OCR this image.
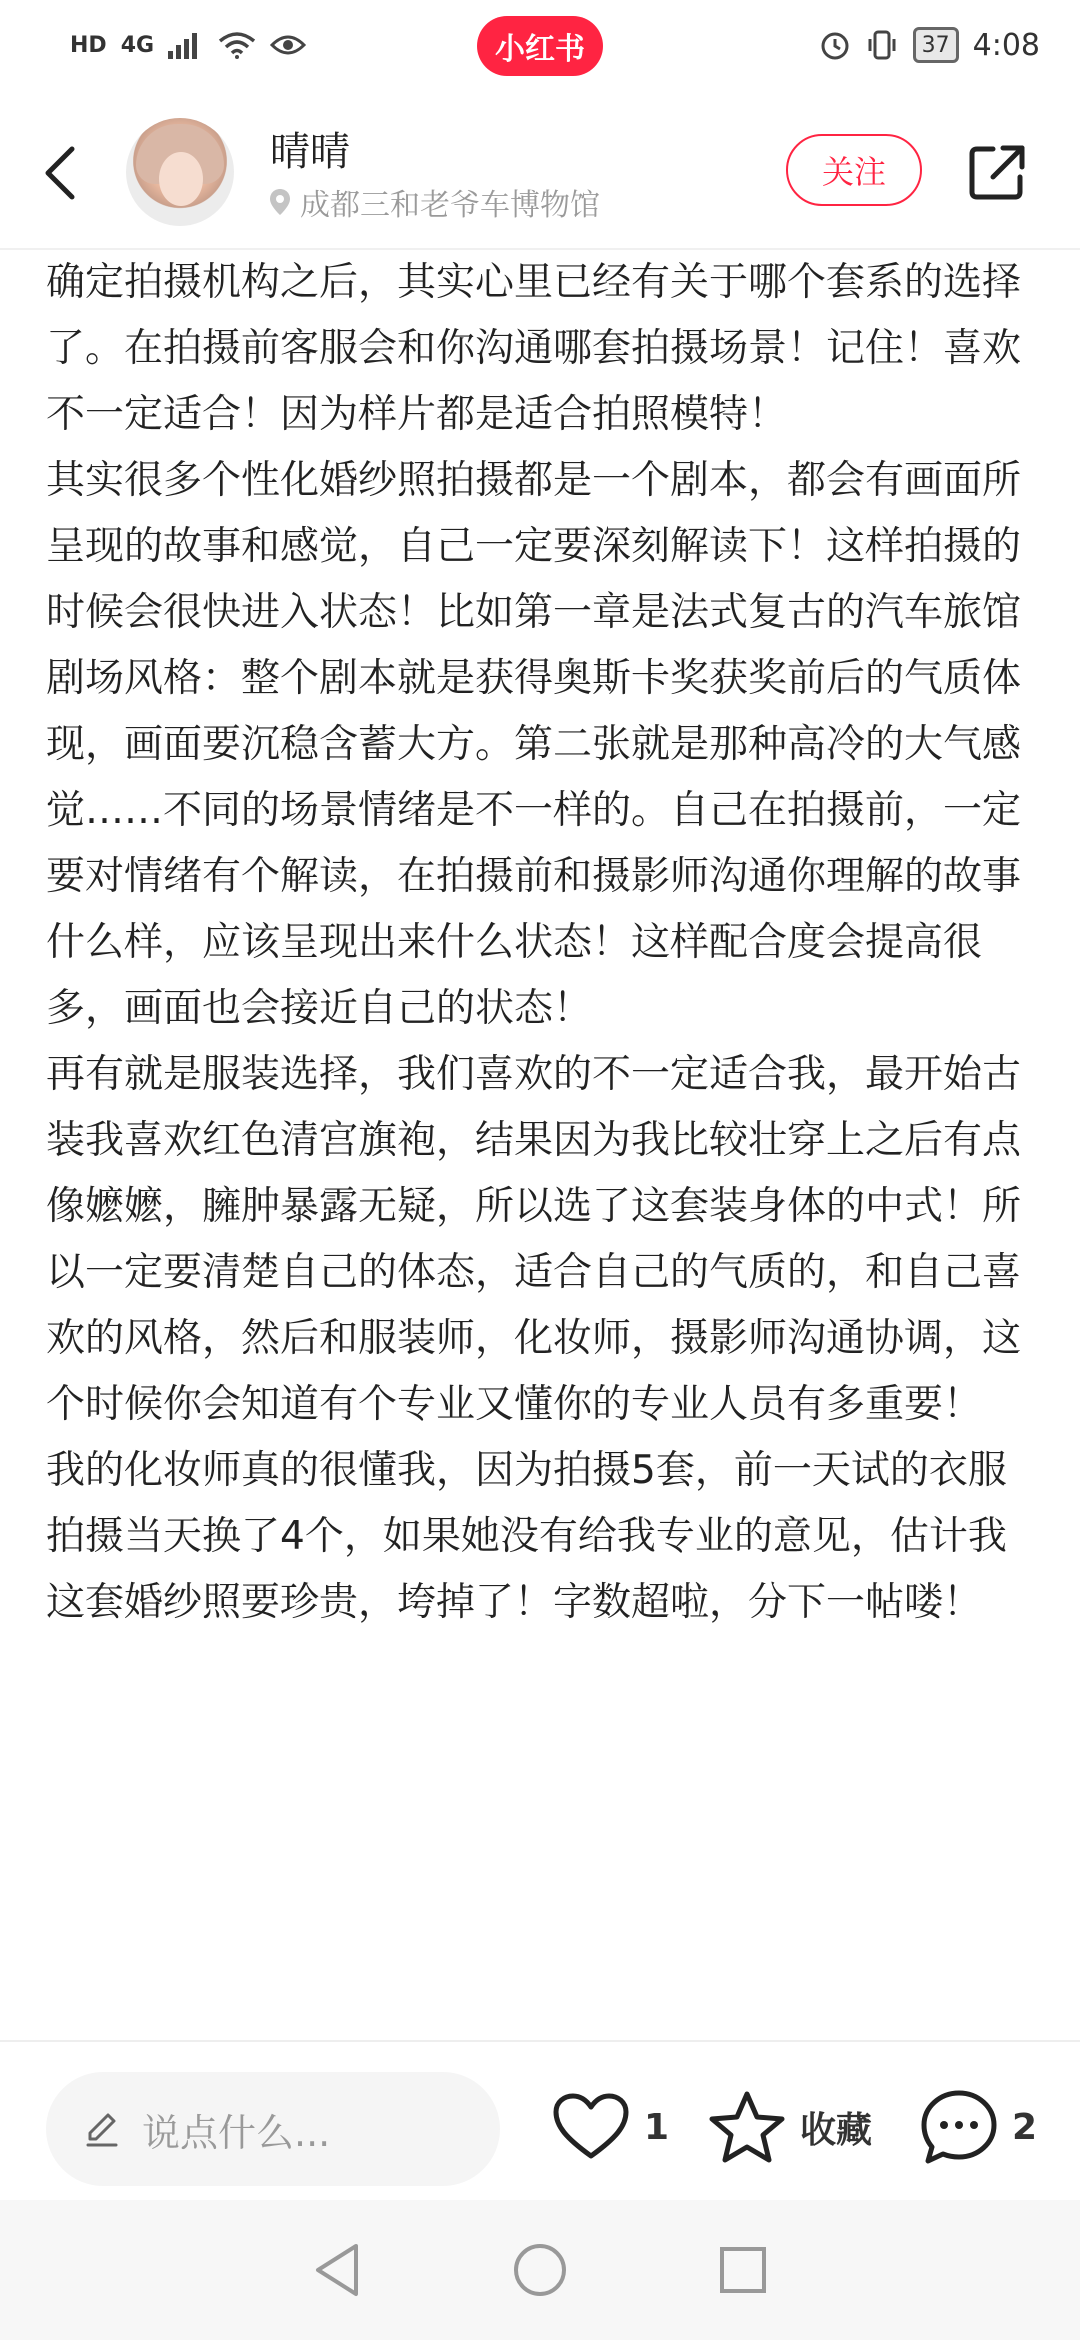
HD 4G	小红书	37 4:08
晴晴
成都三和老爷车博物馆
关注

确定拍摄机构之后，其实心里已经有关于哪个套系的选择了。在拍摄前客服会和你沟通哪套拍摄场景！记住！喜欢不一定适合！因为样片都是适合拍照模特！

其实很多个性化婚纱照拍摄都是一个剧本，都会有画面所呈现的故事和感觉，自己一定要深刻解读下！这样拍摄的时候会很快进入状态！比如第一章是法式复古的汽车旅馆剧场风格：整个剧本就是获得奥斯卡奖获奖前后的气质体现，画面要沉稳含蓄大方。第二张就是那种高冷的大气感觉……不同的场景情绪是不一样的。自己在拍摄前，一定要对情绪有个解读，在拍摄前和摄影师沟通你理解的故事什么样，应该呈现出来什么状态！这样配合度会提高很多，画面也会接近自己的状态！

再有就是服装选择，我们喜欢的不一定适合我，最开始古装我喜欢红色清宫旗袍，结果因为我比较壮穿上之后有点像嬷嬷，臃肿暴露无疑，所以选了这套装身体的中式！所以一定要清楚自己的体态，适合自己的气质的，和自己喜欢的风格，然后和服装师，化妆师，摄影师沟通协调，这个时候你会知道有个专业又懂你的专业人员有多重要！

我的化妆师真的很懂我，因为拍摄5套，前一天试的衣服拍摄当天换了4个，如果她没有给我专业的意见，估计我这套婚纱照要珍贵，垮掉了！字数超啦，分下一帖喽！

说点什么...	1	收藏	2
